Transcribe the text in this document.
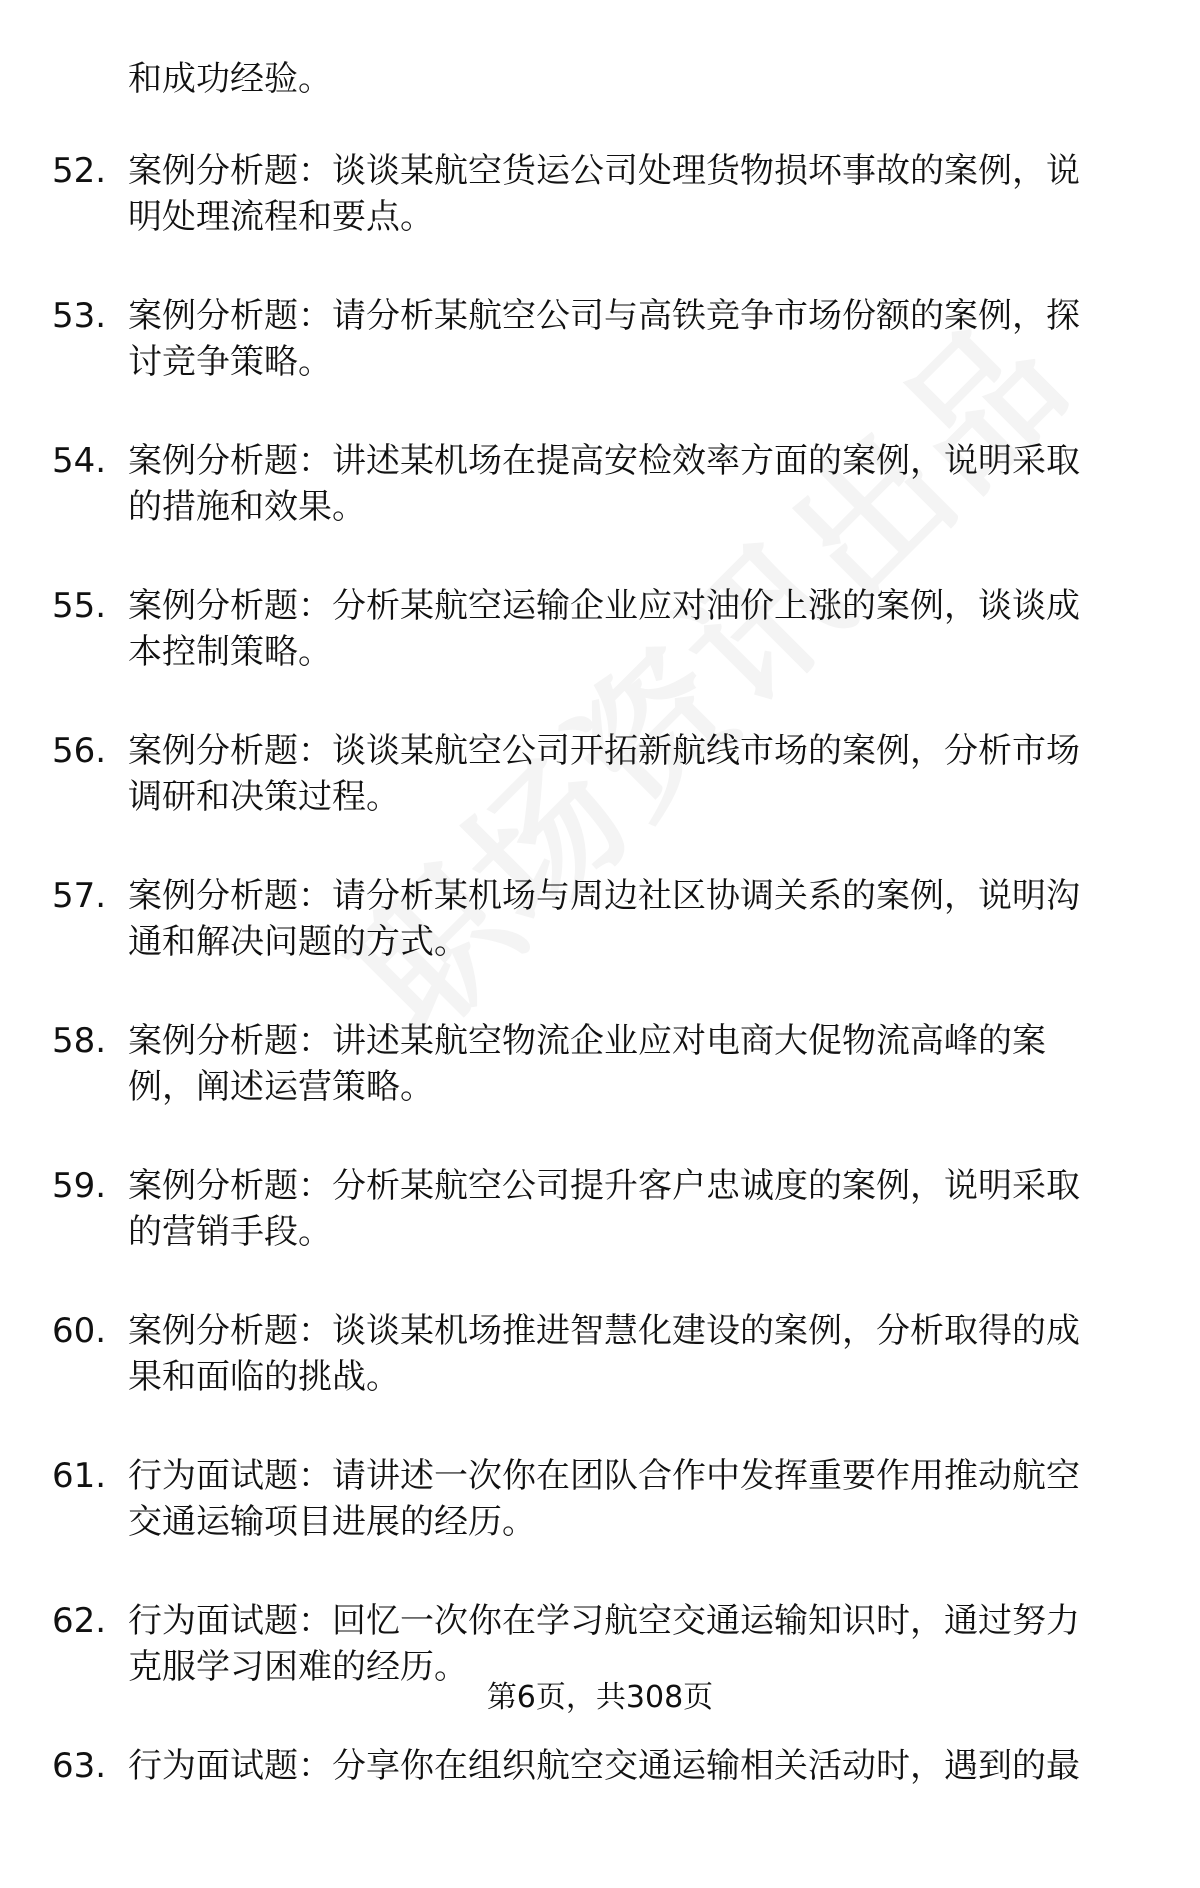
和成功经验。
52. 案例分析题：谈谈某航空货运公司处理货物损坏事故的案例，说
明处理流程和要点。
53. 案例分析题：请分析某航空公司与高铁竞争市场份额的案例，探
讨竞争策略。
54. 案例分析题：讲述某机场在提高安检效率方面的案例，说明采取
的措施和效果。
55. 案例分析题：分析某航空运输企业应对油价上涨的案例，谈谈成
本控制策略。
56. 案例分析题：谈谈某航空公司开拓新航线市场的案例，分析市场
调研和决策过程。
57. 案例分析题：请分析某机场与周边社区协调关系的案例，说明沟
通和解决问题的方式。
58. 案例分析题：讲述某航空物流企业应对电商大促物流高峰的案
例，阐述运营策略。
59. 案例分析题：分析某航空公司提升客户忠诚度的案例，说明采取
的营销手段。
60. 案例分析题：谈谈某机场推进智慧化建设的案例，分析取得的成
果和面临的挑战。
61. 行为面试题：请讲述一次你在团队合作中发挥重要作用推动航空
交通运输项目进展的经历。
62. 行为面试题：回忆一次你在学习航空交通运输知识时，通过努力
克服学习困难的经历。
63. 行为面试题：分享你在组织航空交通运输相关活动时，遇到的最
第6页，共308页
